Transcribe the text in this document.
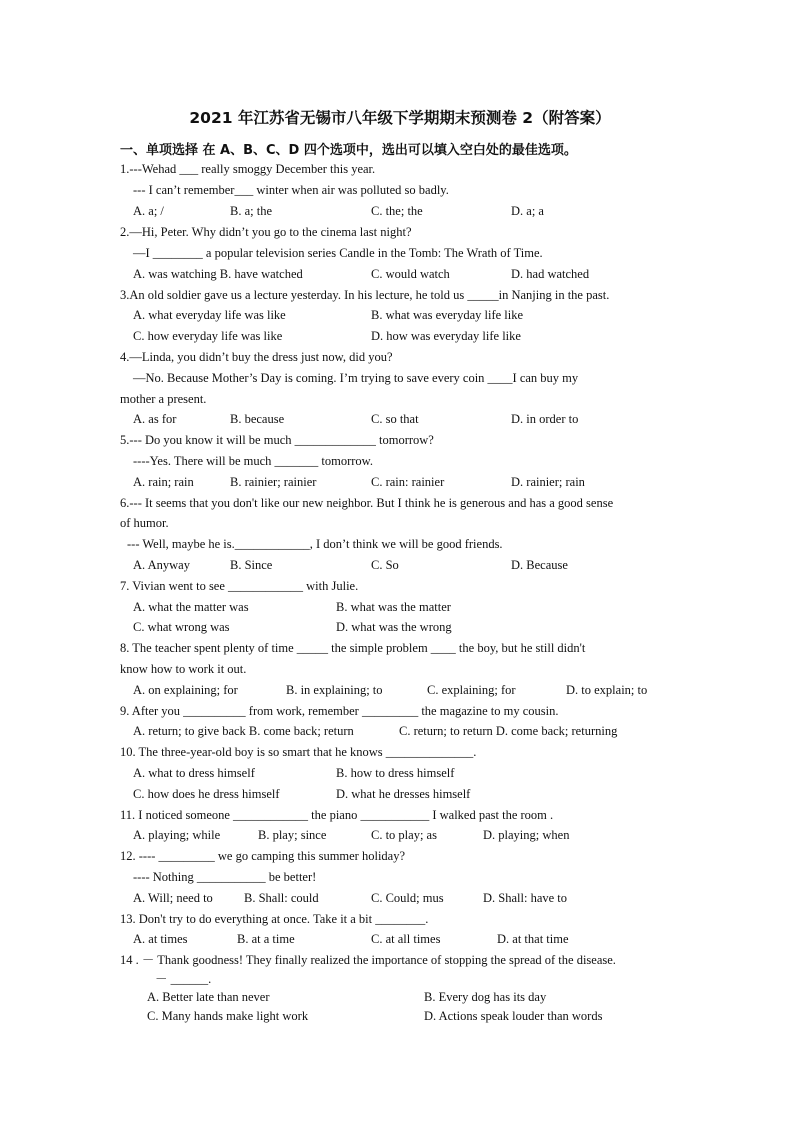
2021 年江苏省无锡市八年级下学期期末预测卷 2（附答案）
一、单项选择 在 A、B、C、D 四个选项中，选出可以填入空白处的最佳选项。
1.---Wehad ___ really smoggy December this year.
--- I can’t remember___ winter when air was polluted so badly.
A. a; /	B. a; the	C. the; the	D. a; a
2.—Hi, Peter. Why didn’t you go to the cinema last night?
—I ________ a popular television series Candle in the Tomb: The Wrath of Time.
A. was watching B. have watched	C. would watch	D. had watched
3.An old soldier gave us a lecture yesterday. In his lecture, he told us _____in Nanjing in the past.
A. what everyday life was like	B. what was everyday life like
C. how everyday life was like	D. how was everyday life like
4.—Linda, you didn’t buy the dress just now, did you?
—No. Because Mother’s Day is coming. I’m trying to save every coin ____I can buy my
mother a present.
A. as for	B. because	C. so that	D. in order to
5.--- Do you know it will be much _____________ tomorrow?
----Yes. There will be much _______ tomorrow.
A. rain; rain	B. rainier; rainier	C. rain: rainier	D. rainier; rain
6.--- It seems that you don't like our new neighbor. But I think he is generous and has a good sense
of humor.
--- Well, maybe he is.____________, I don’t think we will be good friends.
A. Anyway	B. Since	C. So	D. Because
7. Vivian went to see ____________ with Julie.
A. what the matter was	B. what was the matter
C. what wrong was	D. what was the wrong
8. The teacher spent plenty of time _____ the simple problem ____ the boy, but he still didn't
know how to work it out.
A. on explaining; for	B. in explaining; to	C. explaining; for	D. to explain; to
9. After you __________ from work, remember _________ the magazine to my cousin.
A. return; to give back B. come back; return	C. return; to return D. come back; returning
10. The three-year-old boy is so smart that he knows ______________.
A. what to dress himself	B. how to dress himself
C. how does he dress himself	D. what he dresses himself
11. I noticed someone ____________ the piano ___________ I walked past the room .
A. playing; while	B. play; since	C. to play; as	D. playing; when
12. ---- _________ we go camping this summer holiday?
---- Nothing ___________ be better!
A. Will; need to B. Shall: could	C. Could; mus	D. Shall: have to
13. Don't try to do everything at once. Take it a bit ________.
A. at times	B. at a time	C. at all times	D. at that time
14 . － Thank goodness! They finally realized the importance of stopping the spread of the disease.
－ ______.
A. Better late than never	B. Every dog has its day
C. Many hands make light work	D. Actions speak louder than words
